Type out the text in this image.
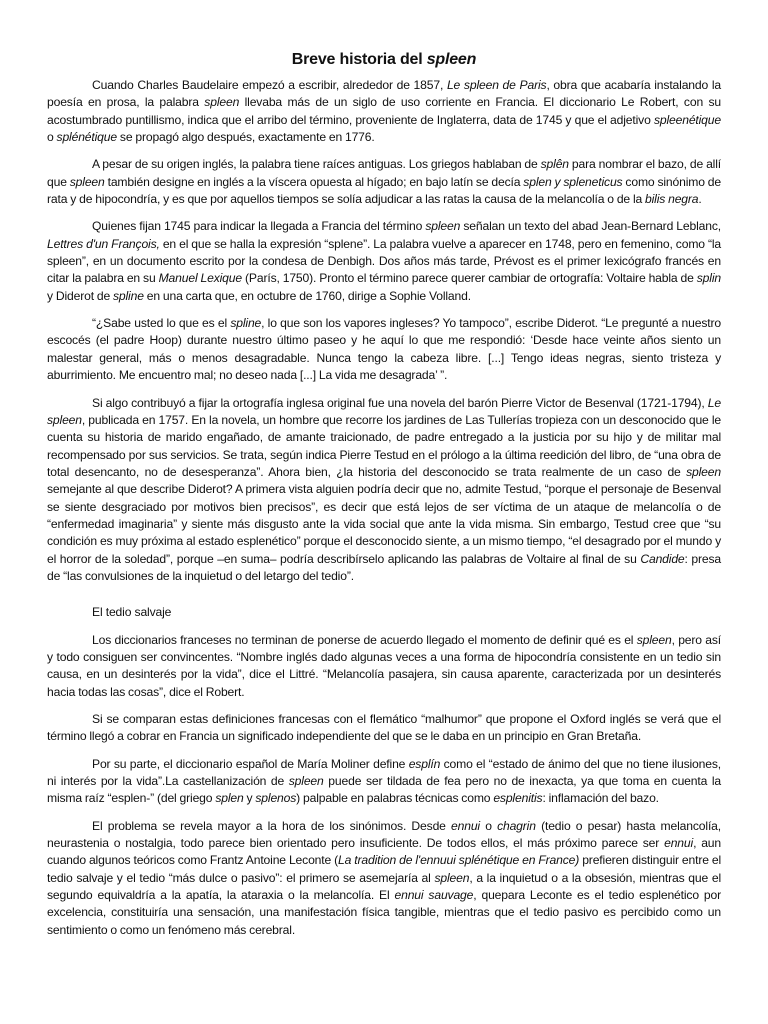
Breve historia del spleen

Cuando Charles Baudelaire empezó a escribir, alrededor de 1857, Le spleen de Paris, obra que acabaría instalando la poesía en prosa, la palabra spleen llevaba más de un siglo de uso corriente en Francia. El diccionario Le Robert, con su acostumbrado puntillismo, indica que el arribo del término, proveniente de Inglaterra, data de 1745 y que el adjetivo spleenétique o splénétique se propagó algo después, exactamente en 1776.

A pesar de su origen inglés, la palabra tiene raíces antiguas. Los griegos hablaban de splên para nombrar el bazo, de allí que spleen también designe en inglés a la víscera opuesta al hígado; en bajo latín se decía splen y spleneticus como sinónimo de rata y de hipocondría, y es que por aquellos tiempos se solía adjudicar a las ratas la causa de la melancolía o de la bilis negra.

Quienes fijan 1745 para indicar la llegada a Francia del término spleen señalan un texto del abad Jean-Bernard Leblanc, Lettres d'un François, en el que se halla la expresión “splene”. La palabra vuelve a aparecer en 1748, pero en femenino, como “la spleen”, en un documento escrito por la condesa de Denbigh. Dos años más tarde, Prévost es el primer lexicógrafo francés en citar la palabra en su Manuel Lexique (París, 1750). Pronto el término parece querer cambiar de ortografía: Voltaire habla de splin y Diderot de spline en una carta que, en octubre de 1760, dirige a Sophie Volland.

“¿Sabe usted lo que es el spline, lo que son los vapores ingleses? Yo tampoco”, escribe Diderot. “Le pregunté a nuestro escocés (el padre Hoop) durante nuestro último paseo y he aquí lo que me respondió: ‘Desde hace veinte años siento un malestar general, más o menos desagradable. Nunca tengo la cabeza libre. [...] Tengo ideas negras, siento tristeza y aburrimiento. Me encuentro mal; no deseo nada [...] La vida me desagrada’ ”.

Si algo contribuyó a fijar la ortografía inglesa original fue una novela del barón Pierre Victor de Besenval (1721-1794), Le spleen, publicada en 1757. En la novela, un hombre que recorre los jardines de Las Tullerías tropieza con un desconocido que le cuenta su historia de marido engañado, de amante traicionado, de padre entregado a la justicia por su hijo y de militar mal recompensado por sus servicios. Se trata, según indica Pierre Testud en el prólogo a la última reedición del libro, de “una obra de total desencanto, no de desesperanza”. Ahora bien, ¿la historia del desconocido se trata realmente de un caso de spleen semejante al que describe Diderot? A primera vista alguien podría decir que no, admite Testud, “porque el personaje de Besenval se siente desgraciado por motivos bien precisos”, es decir que está lejos de ser víctima de un ataque de melancolía o de “enfermedad imaginaria” y siente más disgusto ante la vida social que ante la vida misma. Sin embargo, Testud cree que “su condición es muy próxima al estado esplenético” porque el desconocido siente, a un mismo tiempo, “el desagrado por el mundo y el horror de la soledad”, porque –en suma– podría describírselo aplicando las palabras de Voltaire al final de su Candide: presa de “las convulsiones de la inquietud o del letargo del tedio”.

El tedio salvaje

Los diccionarios franceses no terminan de ponerse de acuerdo llegado el momento de definir qué es el spleen, pero así y todo consiguen ser convincentes. “Nombre inglés dado algunas veces a una forma de hipocondría consistente en un tedio sin causa, en un desinterés por la vida”, dice el Littré. “Melancolía pasajera, sin causa aparente, caracterizada por un desinterés hacia todas las cosas”, dice el Robert.

Si se comparan estas definiciones francesas con el flemático “malhumor” que propone el Oxford inglés se verá que el término llegó a cobrar en Francia un significado independiente del que se le daba en un principio en Gran Bretaña.

Por su parte, el diccionario español de María Moliner define esplín como el “estado de ánimo del que no tiene ilusiones, ni interés por la vida”.La castellanización de spleen puede ser tildada de fea pero no de inexacta, ya que toma en cuenta la misma raíz “esplen-” (del griego splen y splenos) palpable en palabras técnicas como esplenitis: inflamación del bazo.

El problema se revela mayor a la hora de los sinónimos. Desde ennui o chagrin (tedio o pesar) hasta melancolía, neurastenia o nostalgia, todo parece bien orientado pero insuficiente. De todos ellos, el más próximo parece ser ennui, aun cuando algunos teóricos como Frantz Antoine Leconte (La tradition de l'ennuui splénétique en France) prefieren distinguir entre el tedio salvaje y el tedio “más dulce o pasivo”: el primero se asemejaría al spleen, a la inquietud o a la obsesión, mientras que el segundo equivaldría a la apatía, la ataraxia o la melancolía. El ennui sauvage, quepara Leconte es el tedio esplenético por excelencia, constituiría una sensación, una manifestación física tangible, mientras que el tedio pasivo es percibido como un sentimiento o como un fenómeno más cerebral.
